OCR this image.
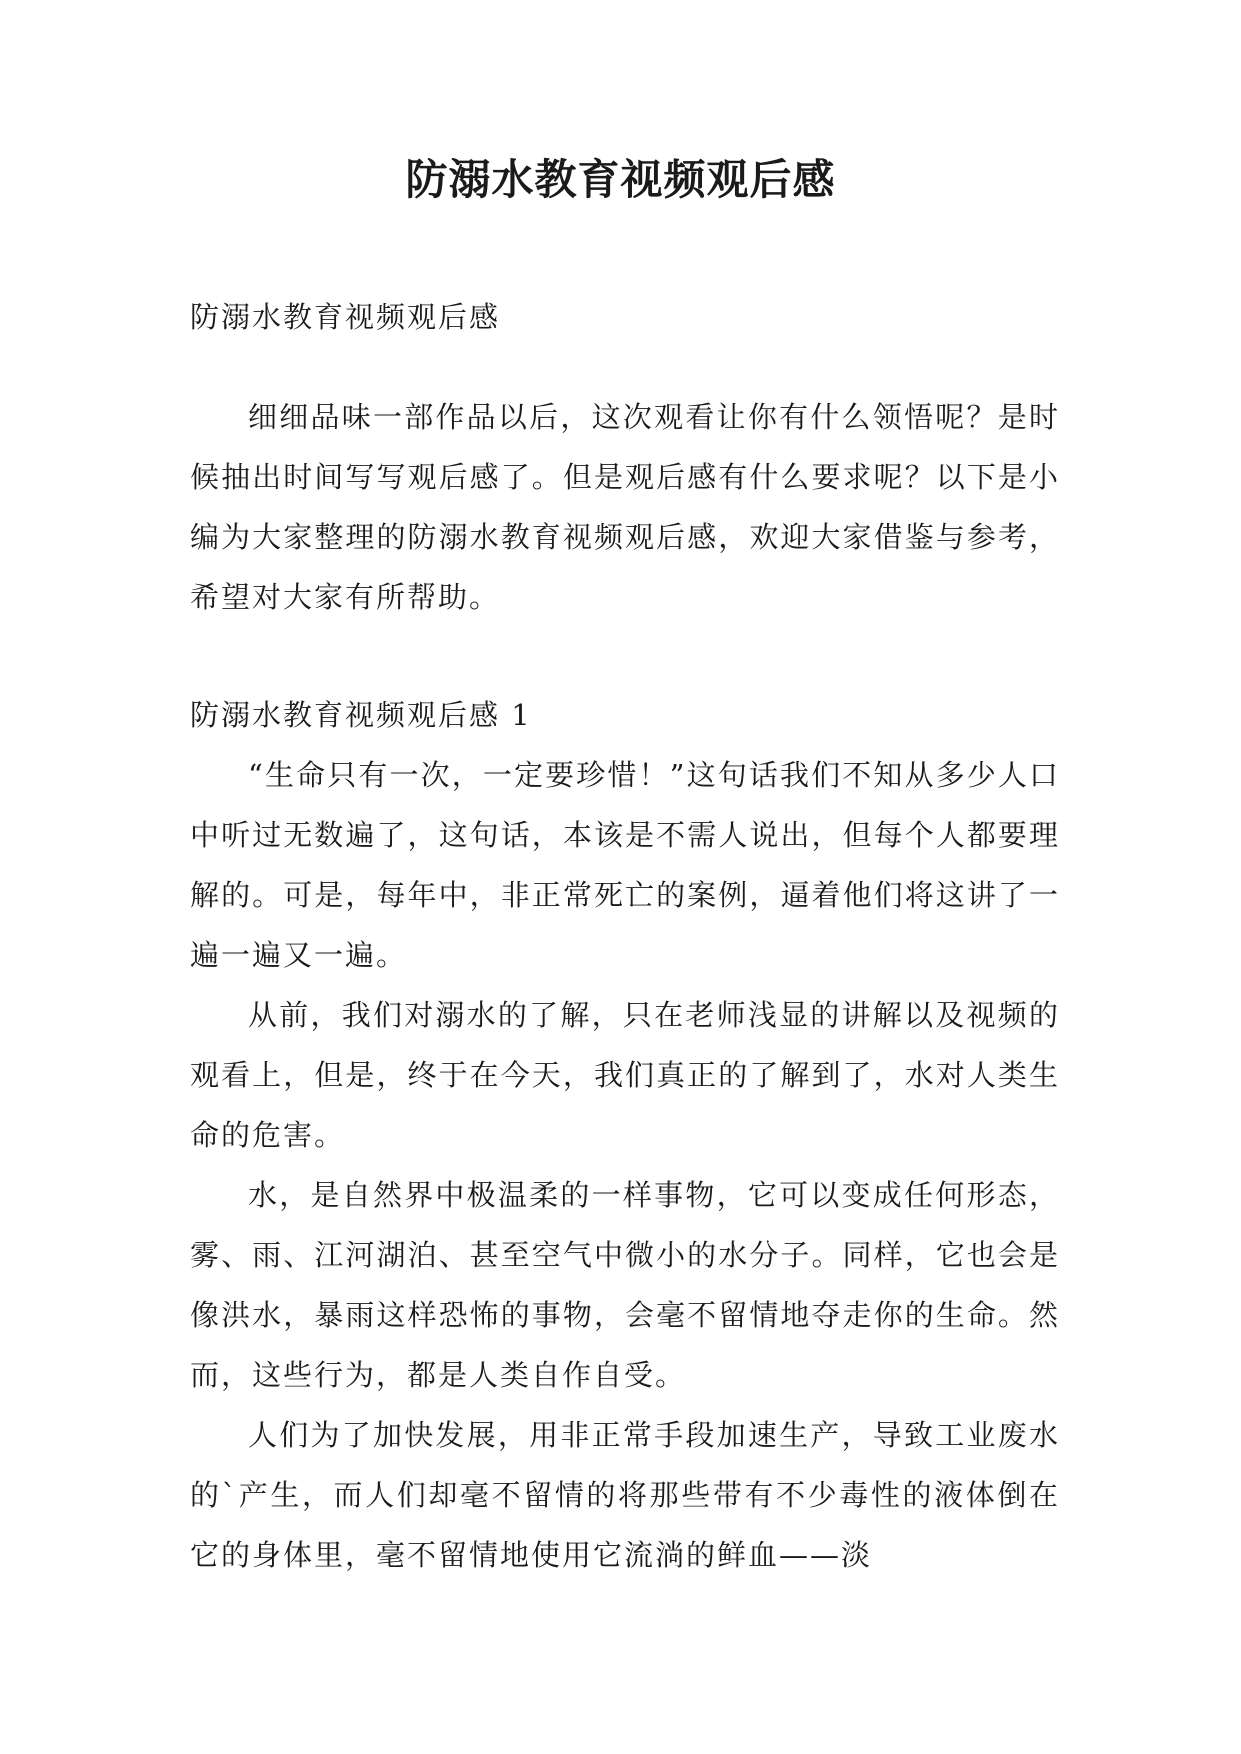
防溺水教育视频观后感

防溺水教育视频观后感

细细品味一部作品以后，这次观看让你有什么领悟呢？是时候抽出时间写写观后感了。但是观后感有什么要求呢？以下是小编为大家整理的防溺水教育视频观后感，欢迎大家借鉴与参考，希望对大家有所帮助。

防溺水教育视频观后感 1

“生命只有一次，一定要珍惜！”这句话我们不知从多少人口中听过无数遍了，这句话，本该是不需人说出，但每个人都要理解的。可是，每年中，非正常死亡的案例，逼着他们将这讲了一遍一遍又一遍。

从前，我们对溺水的了解，只在老师浅显的讲解以及视频的观看上，但是，终于在今天，我们真正的了解到了，水对人类生命的危害。

水，是自然界中极温柔的一样事物，它可以变成任何形态，雾、雨、江河湖泊、甚至空气中微小的水分子。同样，它也会是像洪水，暴雨这样恐怖的事物，会毫不留情地夺走你的生命。然而，这些行为，都是人类自作自受。

人们为了加快发展，用非正常手段加速生产，导致工业废水的`产生，而人们却毫不留情的将那些带有不少毒性的液体倒在它的身体里，毫不留情地使用它流淌的鲜血——淡
